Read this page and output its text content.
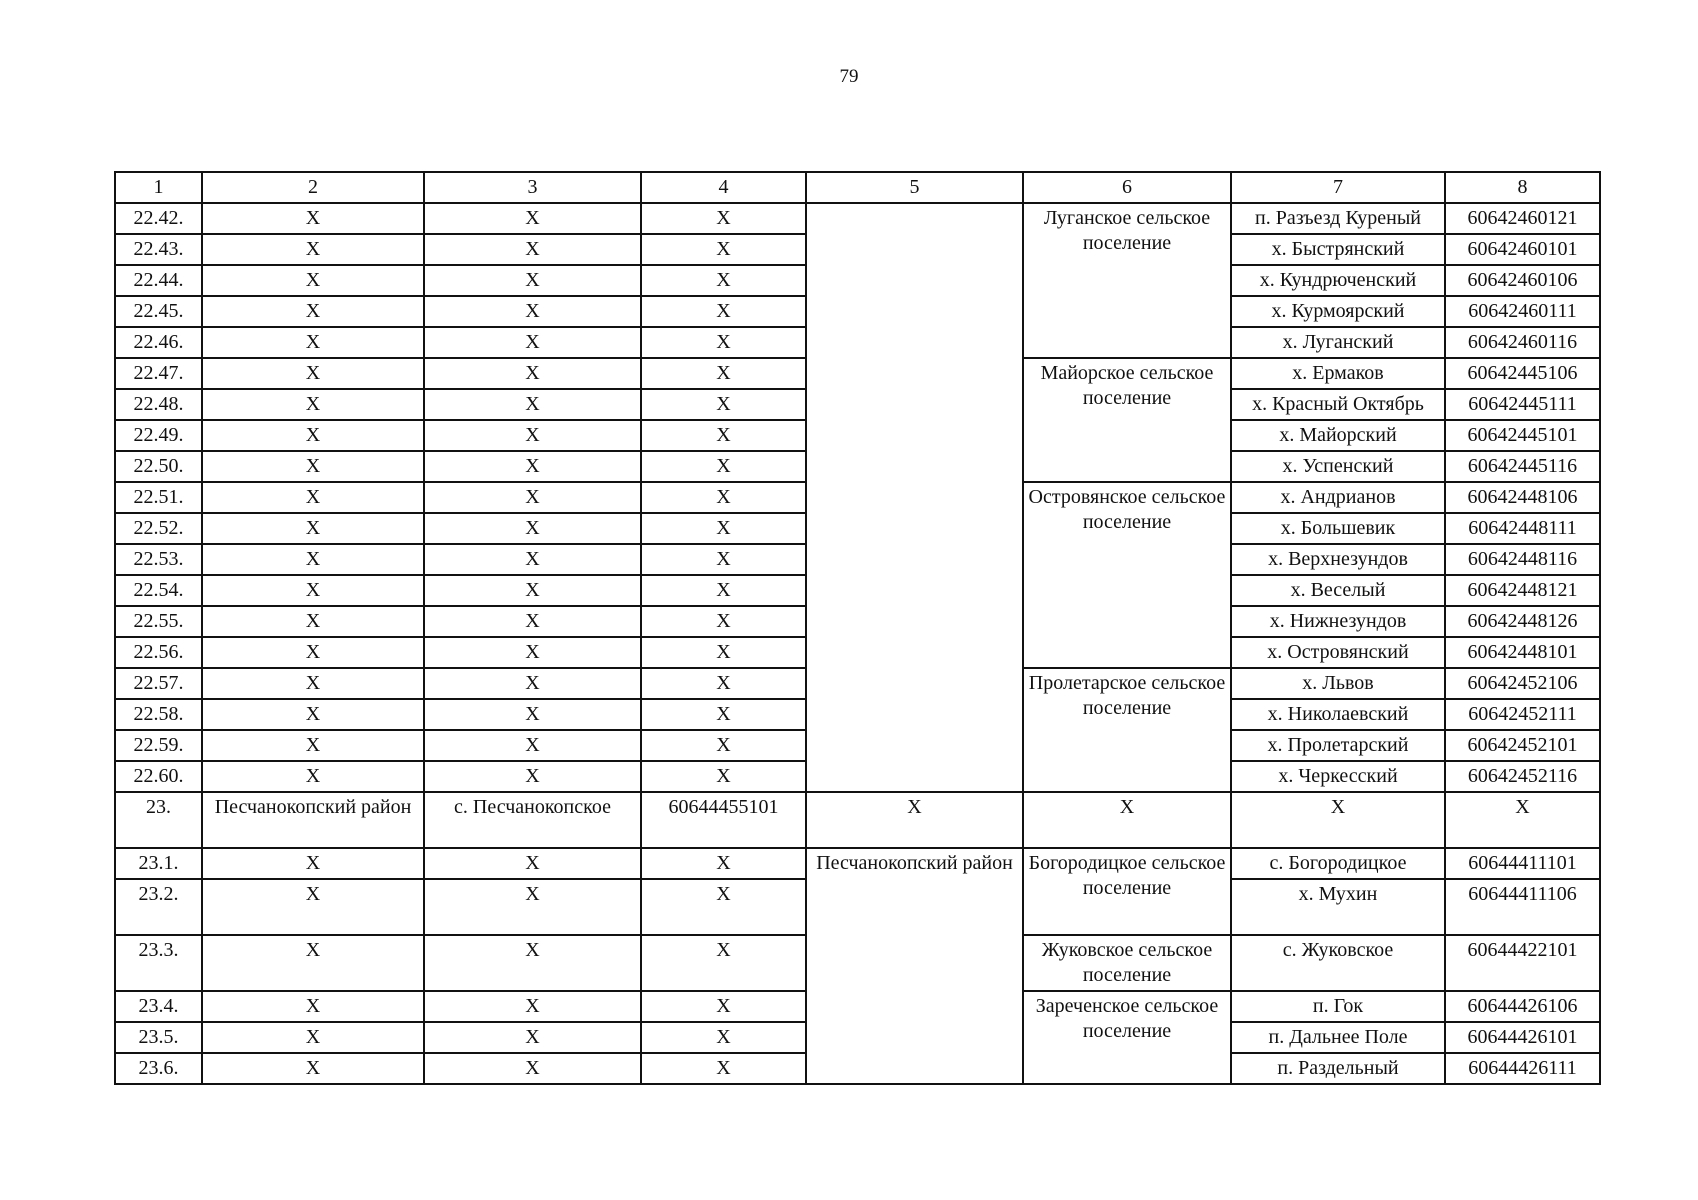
79
1	2	3	4	5	6	7	8
22.42.	Х	Х	Х		Луганское сельское поселение	п. Разъезд Куреный	60642460121
22.43.	Х	Х	Х			х. Быстрянский	60642460101
22.44.	Х	Х	Х			х. Кундрюченский	60642460106
22.45.	Х	Х	Х			х. Курмоярский	60642460111
22.46.	Х	Х	Х			х. Луганский	60642460116
22.47.	Х	Х	Х		Майорское сельское поселение	х. Ермаков	60642445106
22.48.	Х	Х	Х			х. Красный Октябрь	60642445111
22.49.	Х	Х	Х			х. Майорский	60642445101
22.50.	Х	Х	Х			х. Успенский	60642445116
22.51.	Х	Х	Х		Островянское сельское поселение	х. Андрианов	60642448106
22.52.	Х	Х	Х			х. Большевик	60642448111
22.53.	Х	Х	Х			х. Верхнезундов	60642448116
22.54.	Х	Х	Х			х. Веселый	60642448121
22.55.	Х	Х	Х			х. Нижнезундов	60642448126
22.56.	Х	Х	Х			х. Островянский	60642448101
22.57.	Х	Х	Х		Пролетарское сельское поселение	х. Львов	60642452106
22.58.	Х	Х	Х			х. Николаевский	60642452111
22.59.	Х	Х	Х			х. Пролетарский	60642452101
22.60.	Х	Х	Х			х. Черкесский	60642452116
23.	Песчанокопский район	с. Песчанокопское	60644455101	Х	Х	Х	Х
23.1.	Х	Х	Х	Песчанокопский район	Богородицкое сельское поселение	с. Богородицкое	60644411101
23.2.	Х	Х	Х			х. Мухин	60644411106
23.3.	Х	Х	Х		Жуковское сельское поселение	с. Жуковское	60644422101
23.4.	Х	Х	Х		Зареченское сельское поселение	п. Гок	60644426106
23.5.	Х	Х	Х			п. Дальнее Поле	60644426101
23.6.	Х	Х	Х			п. Раздельный	60644426111
